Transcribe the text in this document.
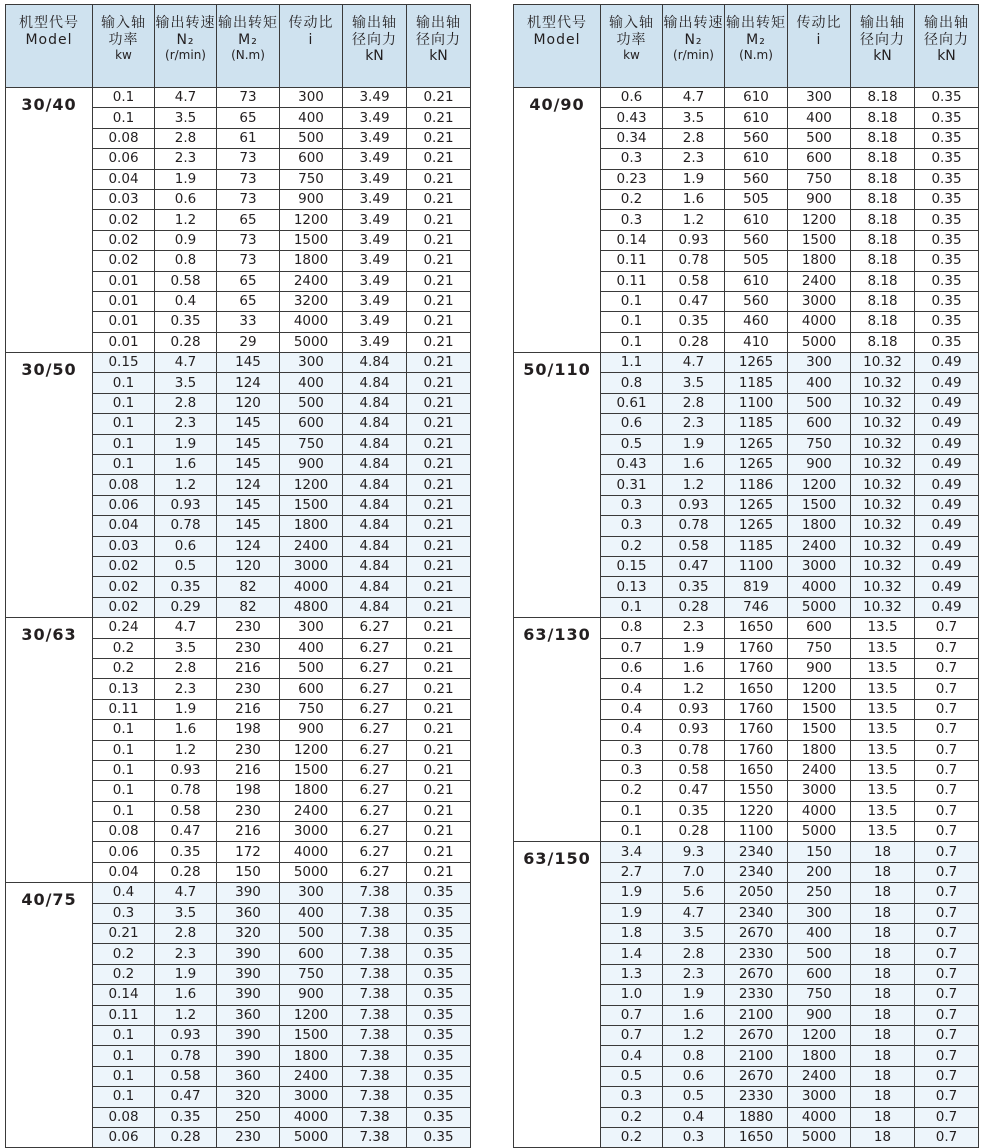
机型代号
Model	输入轴
功率
kw	输出转速
N₂
(r/min)	输出转矩
M₂
(N.m)	传动比
i	输出轴
径向力
kN	输出轴
径向力
kN

30/40	0.1	4.7	73	300	3.49	0.21
	0.1	3.5	65	400	3.49	0.21
	0.08	2.8	61	500	3.49	0.21
	0.06	2.3	73	600	3.49	0.21
	0.04	1.9	73	750	3.49	0.21
	0.03	0.6	73	900	3.49	0.21
	0.02	1.2	65	1200	3.49	0.21
	0.02	0.9	73	1500	3.49	0.21
	0.02	0.8	73	1800	3.49	0.21
	0.01	0.58	65	2400	3.49	0.21
	0.01	0.4	65	3200	3.49	0.21
	0.01	0.35	33	4000	3.49	0.21
	0.01	0.28	29	5000	3.49	0.21
30/50	0.15	4.7	145	300	4.84	0.21
	0.1	3.5	124	400	4.84	0.21
	0.1	2.8	120	500	4.84	0.21
	0.1	2.3	145	600	4.84	0.21
	0.1	1.9	145	750	4.84	0.21
	0.1	1.6	145	900	4.84	0.21
	0.08	1.2	124	1200	4.84	0.21
	0.06	0.93	145	1500	4.84	0.21
	0.04	0.78	145	1800	4.84	0.21
	0.03	0.6	124	2400	4.84	0.21
	0.02	0.5	120	3000	4.84	0.21
	0.02	0.35	82	4000	4.84	0.21
	0.02	0.29	82	4800	4.84	0.21
30/63	0.24	4.7	230	300	6.27	0.21
	0.2	3.5	230	400	6.27	0.21
	0.2	2.8	216	500	6.27	0.21
	0.13	2.3	230	600	6.27	0.21
	0.11	1.9	216	750	6.27	0.21
	0.1	1.6	198	900	6.27	0.21
	0.1	1.2	230	1200	6.27	0.21
	0.1	0.93	216	1500	6.27	0.21
	0.1	0.78	198	1800	6.27	0.21
	0.1	0.58	230	2400	6.27	0.21
	0.08	0.47	216	3000	6.27	0.21
	0.06	0.35	172	4000	6.27	0.21
	0.04	0.28	150	5000	6.27	0.21
40/75	0.4	4.7	390	300	7.38	0.35
	0.3	3.5	360	400	7.38	0.35
	0.21	2.8	320	500	7.38	0.35
	0.2	2.3	390	600	7.38	0.35
	0.2	1.9	390	750	7.38	0.35
	0.14	1.6	390	900	7.38	0.35
	0.11	1.2	360	1200	7.38	0.35
	0.1	0.93	390	1500	7.38	0.35
	0.1	0.78	390	1800	7.38	0.35
	0.1	0.58	360	2400	7.38	0.35
	0.1	0.47	320	3000	7.38	0.35
	0.08	0.35	250	4000	7.38	0.35
	0.06	0.28	230	5000	7.38	0.35
机型代号
Model	输入轴
功率
kw	输出转速
N₂
(r/min)	输出转矩
M₂
(N.m)	传动比
i	输出轴
径向力
kN	输出轴
径向力
kN

40/90	0.6	4.7	610	300	8.18	0.35
	0.43	3.5	610	400	8.18	0.35
	0.34	2.8	560	500	8.18	0.35
	0.3	2.3	610	600	8.18	0.35
	0.23	1.9	560	750	8.18	0.35
	0.2	1.6	505	900	8.18	0.35
	0.3	1.2	610	1200	8.18	0.35
	0.14	0.93	560	1500	8.18	0.35
	0.11	0.78	505	1800	8.18	0.35
	0.11	0.58	610	2400	8.18	0.35
	0.1	0.47	560	3000	8.18	0.35
	0.1	0.35	460	4000	8.18	0.35
	0.1	0.28	410	5000	8.18	0.35
50/110	1.1	4.7	1265	300	10.32	0.49
	0.8	3.5	1185	400	10.32	0.49
	0.61	2.8	1100	500	10.32	0.49
	0.6	2.3	1185	600	10.32	0.49
	0.5	1.9	1265	750	10.32	0.49
	0.43	1.6	1265	900	10.32	0.49
	0.31	1.2	1186	1200	10.32	0.49
	0.3	0.93	1265	1500	10.32	0.49
	0.3	0.78	1265	1800	10.32	0.49
	0.2	0.58	1185	2400	10.32	0.49
	0.15	0.47	1100	3000	10.32	0.49
	0.13	0.35	819	4000	10.32	0.49
	0.1	0.28	746	5000	10.32	0.49
63/130	0.8	2.3	1650	600	13.5	0.7
	0.7	1.9	1760	750	13.5	0.7
	0.6	1.6	1760	900	13.5	0.7
	0.4	1.2	1650	1200	13.5	0.7
	0.4	0.93	1760	1500	13.5	0.7
	0.4	0.93	1760	1500	13.5	0.7
	0.3	0.78	1760	1800	13.5	0.7
	0.3	0.58	1650	2400	13.5	0.7
	0.2	0.47	1550	3000	13.5	0.7
	0.1	0.35	1220	4000	13.5	0.7
	0.1	0.28	1100	5000	13.5	0.7
63/150	3.4	9.3	2340	150	18	0.7
	2.7	7.0	2340	200	18	0.7
	1.9	5.6	2050	250	18	0.7
	1.9	4.7	2340	300	18	0.7
	1.8	3.5	2670	400	18	0.7
	1.4	2.8	2330	500	18	0.7
	1.3	2.3	2670	600	18	0.7
	1.0	1.9	2330	750	18	0.7
	0.7	1.6	2100	900	18	0.7
	0.7	1.2	2670	1200	18	0.7
	0.4	0.8	2100	1800	18	0.7
	0.5	0.6	2670	2400	18	0.7
	0.3	0.5	2330	3000	18	0.7
	0.2	0.4	1880	4000	18	0.7
	0.2	0.3	1650	5000	18	0.7
